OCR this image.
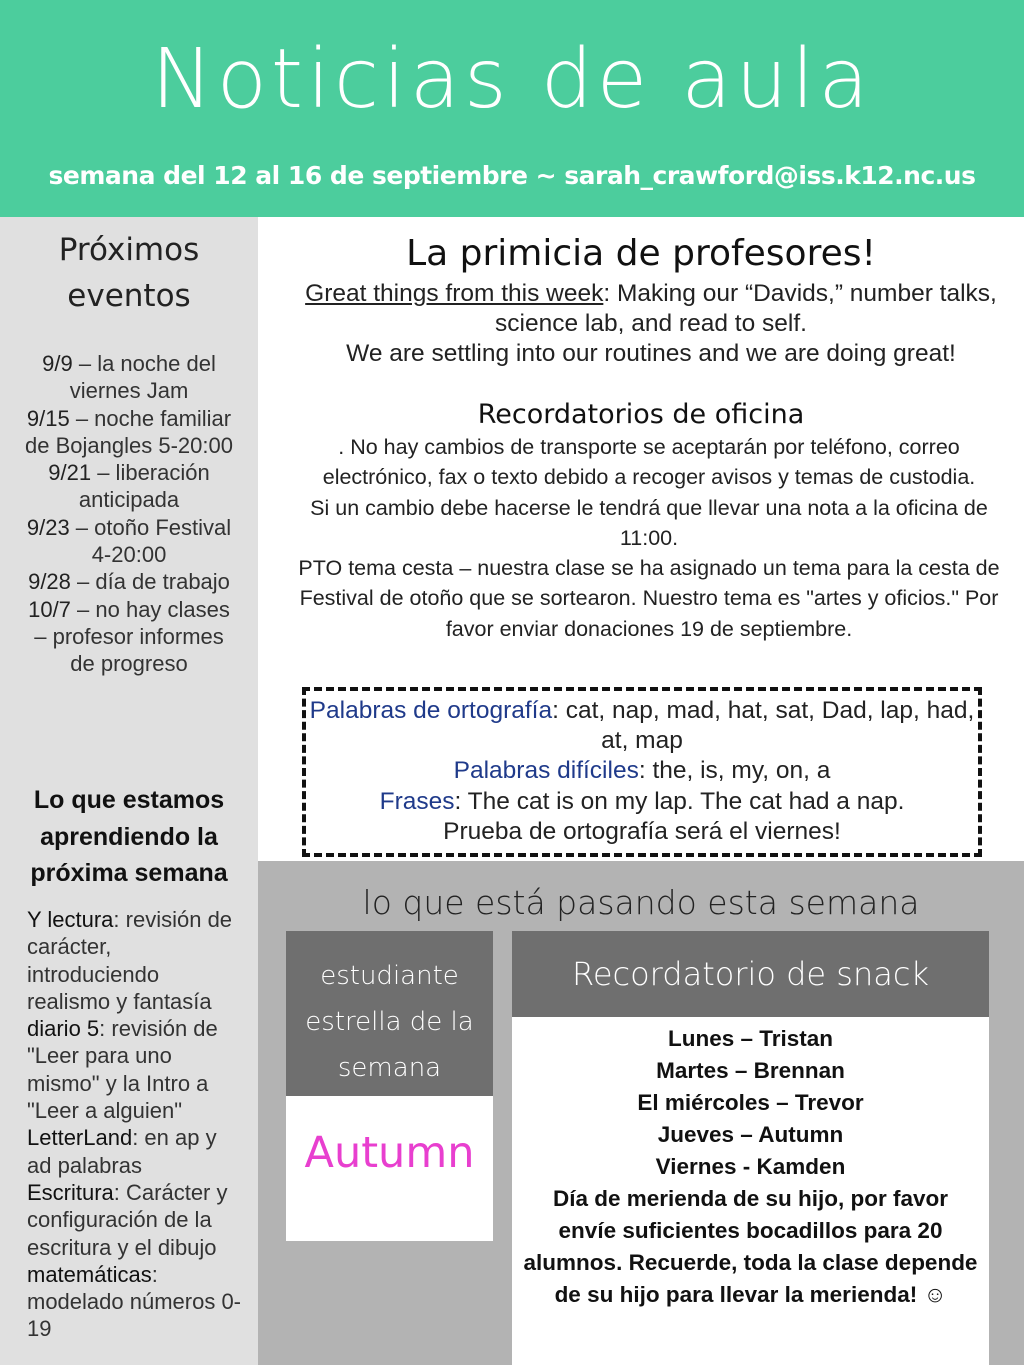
Noticias de aula
semana del 12 al 16 de septiembre ~ sarah_crawford@iss.k12.nc.us
Próximos eventos
9/9 – la noche del viernes Jam
9/15 – noche familiar de Bojangles 5-20:00
9/21 – liberación anticipada
9/23 – otoño Festival 4-20:00
9/28 – día de trabajo
10/7 – no hay clases – profesor informes de progreso
Lo que estamos aprendiendo la próxima semana
Y lectura: revisión de carácter, introduciendo realismo y fantasía
diario 5: revisión de "Leer para uno mismo" y la Intro a "Leer a alguien"
LetterLand: en ap y ad palabras
Escritura: Carácter y configuración de la escritura y el dibujo
matemáticas: modelado números 0-19
La primicia de profesores!
Great things from this week: Making our “Davids,” number talks, science lab, and read to self.
We are settling into our routines and we are doing great!
Recordatorios de oficina
. No hay cambios de transporte se aceptarán por teléfono, correo electrónico, fax o texto debido a recoger avisos y temas de custodia.
Si un cambio debe hacerse le tendrá que llevar una nota a la oficina de 11:00.
PTO tema cesta – nuestra clase se ha asignado un tema para la cesta de Festival de otoño que se sortearon. Nuestro tema es "artes y oficios." Por favor enviar donaciones 19 de septiembre.
Palabras de ortografía: cat, nap, mad, hat, sat, Dad, lap, had, at, map
Palabras difíciles: the, is, my, on, a
Frases: The cat is on my lap. The cat had a nap.
Prueba de ortografía será el viernes!
lo que está pasando esta semana
estudiante estrella de la semana
Autumn
Recordatorio de snack
Lunes – Tristan
Martes – Brennan
El miércoles – Trevor
Jueves – Autumn
Viernes - Kamden
Día de merienda de su hijo, por favor envíe suficientes bocadillos para 20 alumnos. Recuerde, toda la clase depende de su hijo para llevar la merienda! ☺
